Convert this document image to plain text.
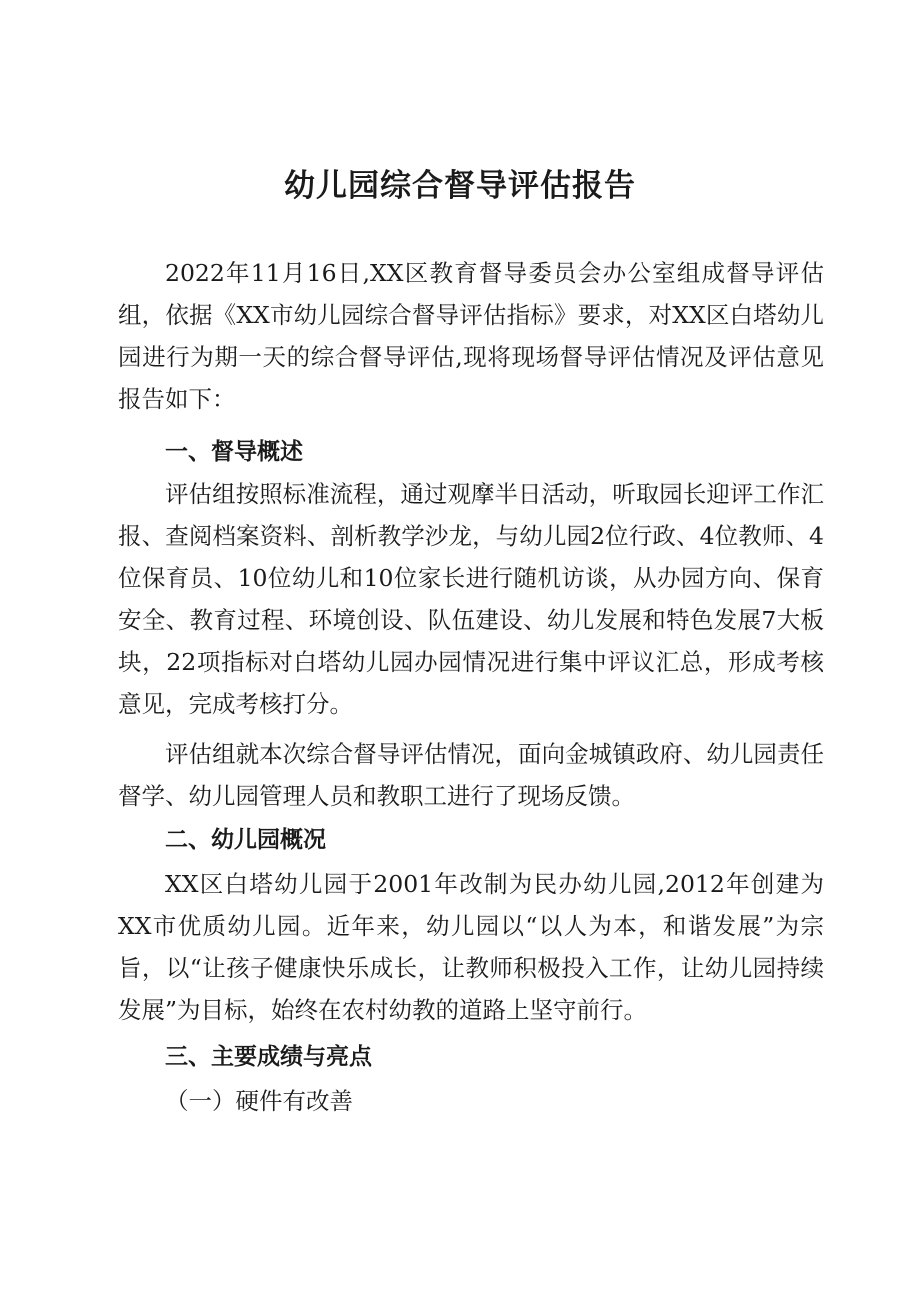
幼儿园综合督导评估报告

2022年11月16日,XX区教育督导委员会办公室组成督导评估组，依据《XX市幼儿园综合督导评估指标》要求，对XX区白塔幼儿园进行为期一天的综合督导评估,现将现场督导评估情况及评估意见报告如下：

一、督导概述

评估组按照标准流程，通过观摩半日活动，听取园长迎评工作汇报、查阅档案资料、剖析教学沙龙，与幼儿园2位行政、4位教师、4位保育员、10位幼儿和10位家长进行随机访谈，从办园方向、保育安全、教育过程、环境创设、队伍建设、幼儿发展和特色发展7大板块，22项指标对白塔幼儿园办园情况进行集中评议汇总，形成考核意见，完成考核打分。

评估组就本次综合督导评估情况，面向金城镇政府、幼儿园责任督学、幼儿园管理人员和教职工进行了现场反馈。

二、幼儿园概况

XX区白塔幼儿园于2001年改制为民办幼儿园,2012年创建为XX市优质幼儿园。近年来，幼儿园以“以人为本，和谐发展”为宗旨，以“让孩子健康快乐成长，让教师积极投入工作，让幼儿园持续发展”为目标，始终在农村幼教的道路上坚守前行。

三、主要成绩与亮点

（一）硬件有改善
